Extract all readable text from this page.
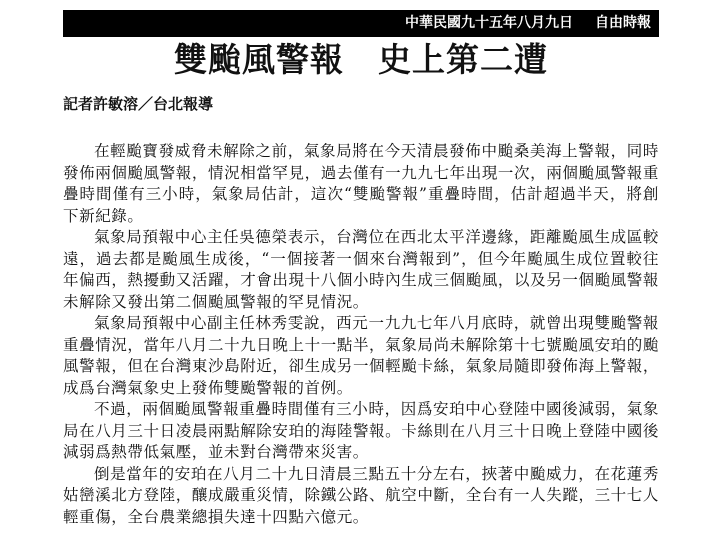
中華民國九十五年八月九日 自由時報
雙颱風警報 史上第二遭
記者許敏溶／台北報導

在輕颱寶發威脅未解除之前，氣象局將在今天清晨發佈中颱桑美海上警報，同時發佈兩個颱風警報，情況相當罕見，過去僅有一九九七年出現一次，兩個颱風警報重疊時間僅有三小時，氣象局估計，這次“雙颱警報”重疊時間，估計超過半天，將創下新紀錄。

氣象局預報中心主任吳德榮表示，台灣位在西北太平洋邊緣，距離颱風生成區較遠，過去都是颱風生成後，“一個接著一個來台灣報到”，但今年颱風生成位置較往年偏西，熱擾動又活躍，才會出現十八個小時內生成三個颱風，以及另一個颱風警報未解除又發出第二個颱風警報的罕見情況。

氣象局預報中心副主任林秀雯說，西元一九九七年八月底時，就曾出現雙颱警報重疊情況，當年八月二十九日晚上十一點半，氣象局尚未解除第十七號颱風安珀的颱風警報，但在台灣東沙島附近，卻生成另一個輕颱卡絲，氣象局隨即發佈海上警報，成爲台灣氣象史上發佈雙颱警報的首例。

不過，兩個颱風警報重疊時間僅有三小時，因爲安珀中心登陸中國後減弱，氣象局在八月三十日凌晨兩點解除安珀的海陸警報。卡絲則在八月三十日晚上登陸中國後減弱爲熱帶低氣壓，並未對台灣帶來災害。

倒是當年的安珀在八月二十九日清晨三點五十分左右，挾著中颱威力，在花蓮秀姑巒溪北方登陸，釀成嚴重災情，除鐵公路、航空中斷，全台有一人失蹤，三十七人輕重傷，全台農業總損失達十四點六億元。
